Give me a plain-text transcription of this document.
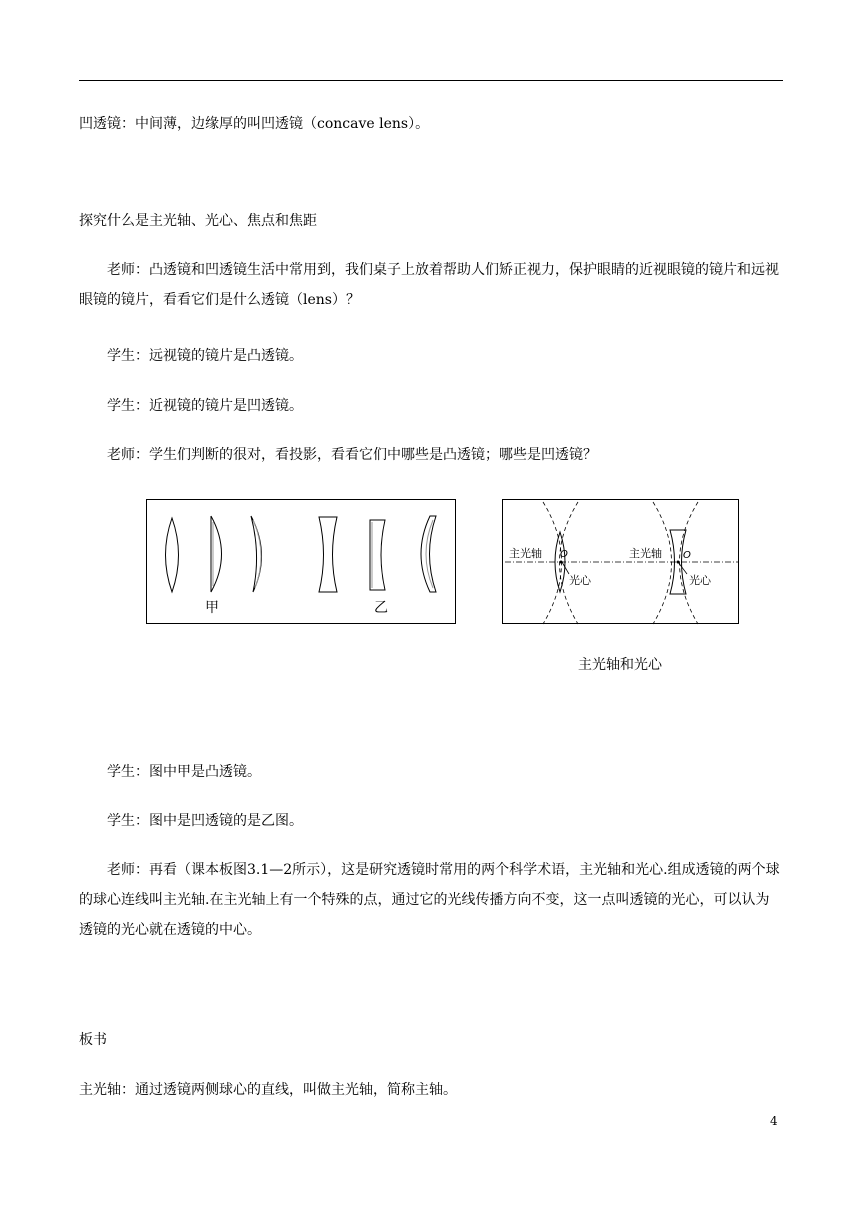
凹透镜：中间薄，边缘厚的叫凹透镜（concave lens）。

探究什么是主光轴、光心、焦点和焦距

老师：凸透镜和凹透镜生活中常用到，我们桌子上放着帮助人们矫正视力，保护眼睛的近视眼镜的镜片和远视眼镜的镜片，看看它们是什么透镜（lens）？

学生：远视镜的镜片是凸透镜。

学生：近视镜的镜片是凹透镜。

老师：学生们判断的很对，看投影，看看它们中哪些是凸透镜；哪些是凹透镜？

甲	乙
主光轴 O
光心
主光轴 O
光心
主光轴和光心

学生：图中甲是凸透镜。

学生：图中是凹透镜的是乙图。

老师：再看（课本板图3.1—2所示），这是研究透镜时常用的两个科学术语，主光轴和光心.组成透镜的两个球的球心连线叫主光轴.在主光轴上有一个特殊的点，通过它的光线传播方向不变，这一点叫透镜的光心，可以认为透镜的光心就在透镜的中心。

板书

主光轴：通过透镜两侧球心的直线，叫做主光轴，简称主轴。

4
